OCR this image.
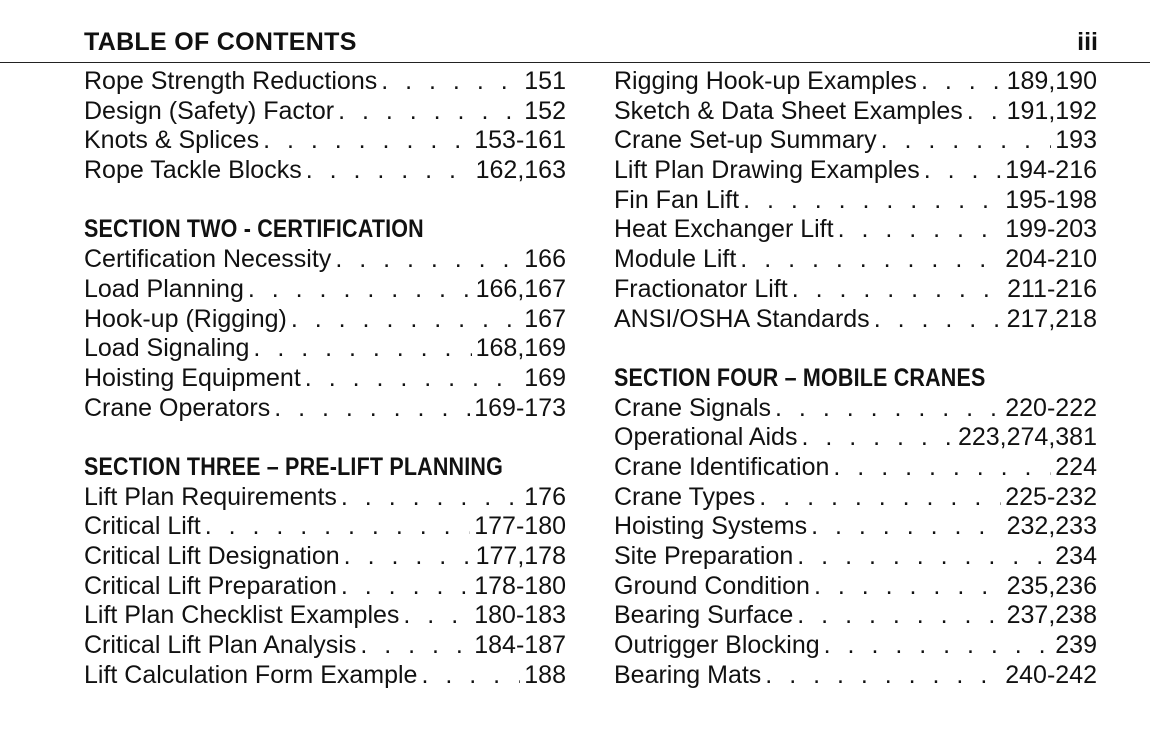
TABLE OF CONTENTS	iii
Rope Strength Reductions . . .	151
Design (Safety) Factor . . .	152
Knots & Splices . . .	153-161
Rope Tackle Blocks . . .	162,163
SECTION TWO - CERTIFICATION
Certification Necessity . . .	166
Load Planning . . .	166,167
Hook-up (Rigging) . . .	167
Load Signaling . . .	168,169
Hoisting Equipment . . .	169
Crane Operators . . .	169-173
SECTION THREE – PRE-LIFT PLANNING
Lift Plan Requirements . . .	176
Critical Lift . . .	177-180
Critical Lift Designation . . .	177,178
Critical Lift Preparation . . .	178-180
Lift Plan Checklist Examples . . .	180-183
Critical Lift Plan Analysis . . .	184-187
Lift Calculation Form Example . . .	188
Rigging Hook-up Examples . . .	189,190
Sketch & Data Sheet Examples . . . 191,192
Crane Set-up Summary . . .	193
Lift Plan Drawing Examples . . .	194-216
Fin Fan Lift . . .	195-198
Heat Exchanger Lift . . .	199-203
Module Lift . . .	204-210
Fractionator Lift . . .	211-216
ANSI/OSHA Standards . . .	217,218
SECTION FOUR – MOBILE CRANES
Crane Signals . . .	220-222
Operational Aids . . .	223,274,381
Crane Identification . . .	224
Crane Types . . .	225-232
Hoisting Systems . . .	232,233
Site Preparation . . .	234
Ground Condition . . .	235,236
Bearing Surface . . .	237,238
Outrigger Blocking . . .	239
Bearing Mats . . .	240-242
